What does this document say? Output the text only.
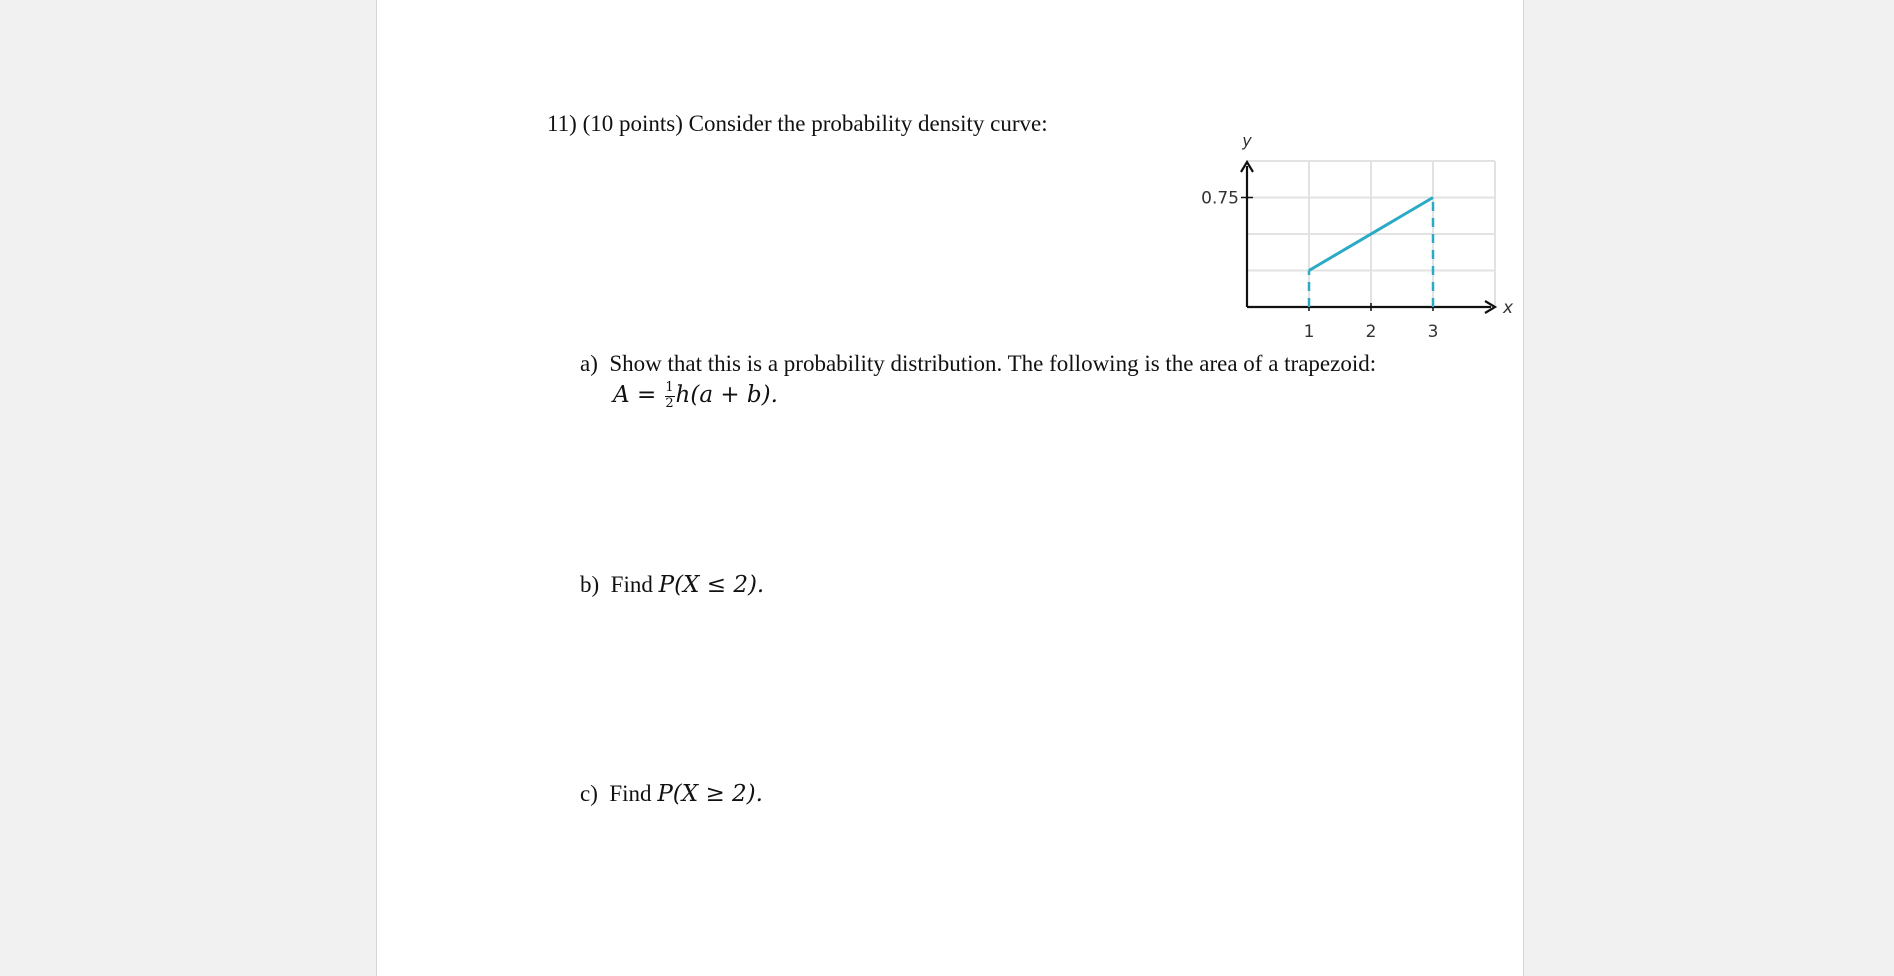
11) (10 points) Consider the probability density curve:
1	2	3
0.75
x
y
a) Show that this is a probability distribution. The following is the area of a trapezoid:
$A = \frac{1}{2} h(a + b)$.
b) Find P(X ≤ 2).
c) Find P(X ≥ 2).
